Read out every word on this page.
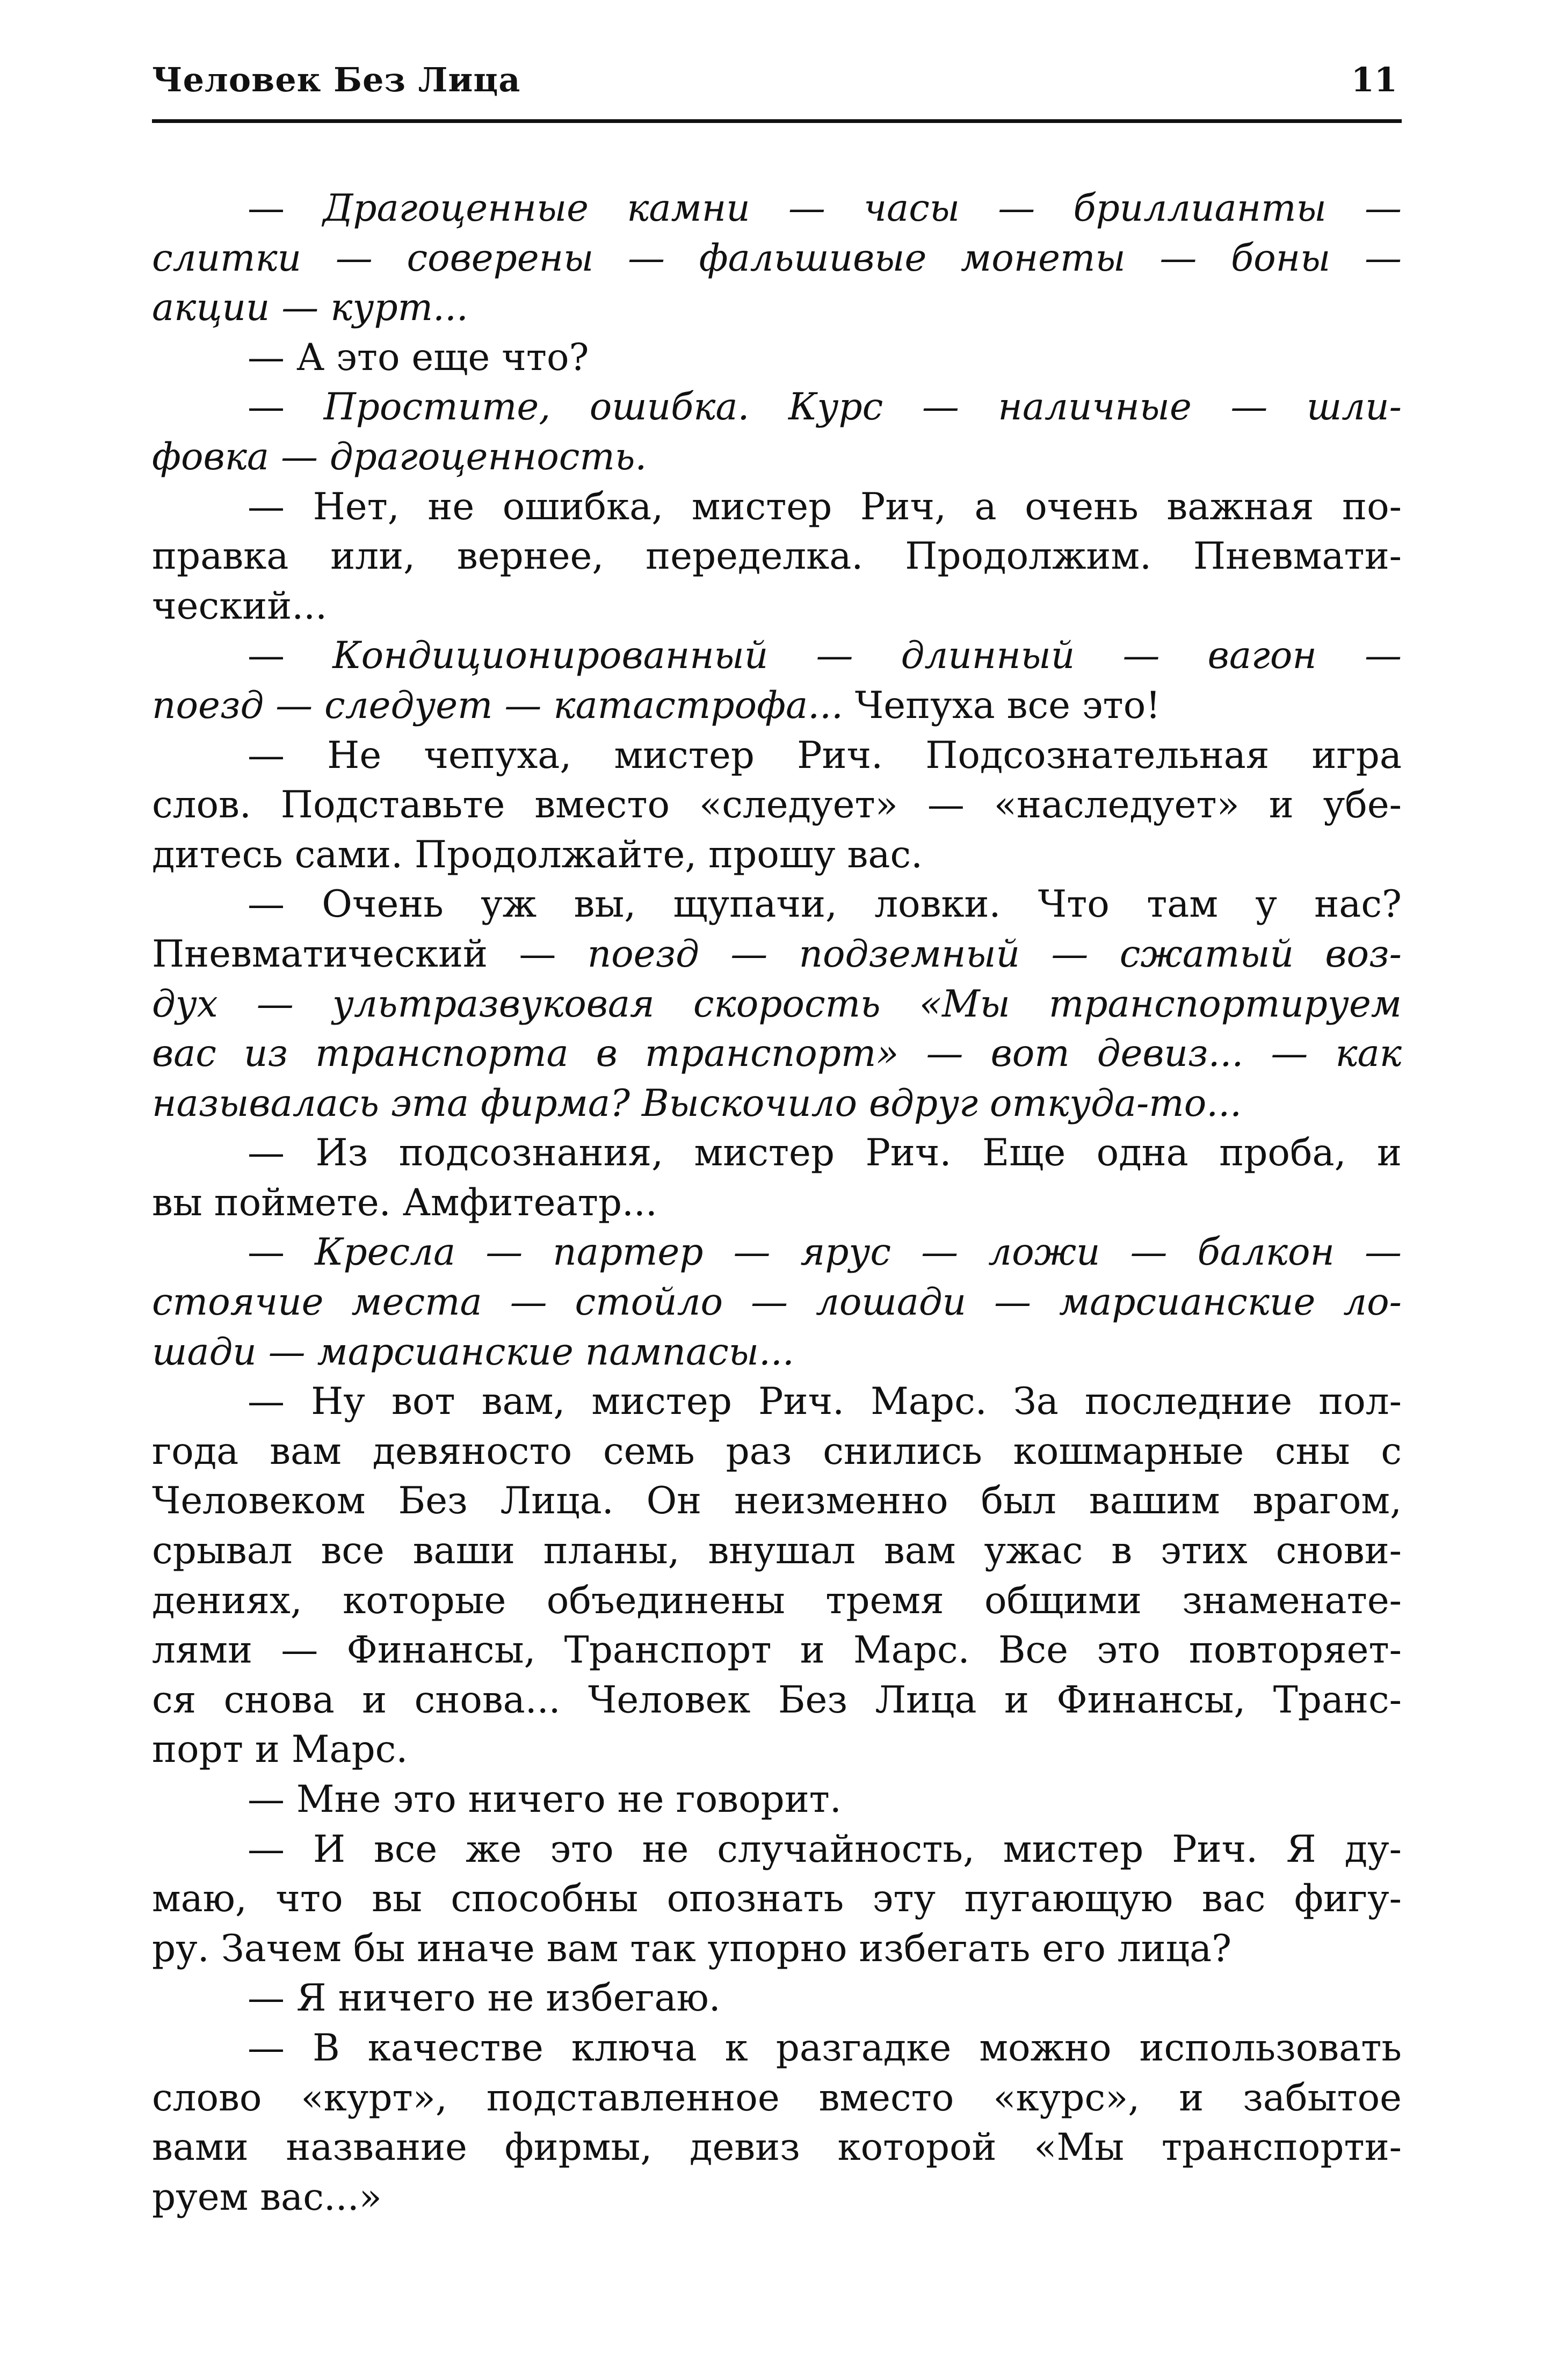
Человек Без Лица	11
— Драгоценные камни — часы — бриллианты —
слитки — соверены — фальшивые монеты — боны —
акции — курт...
— А это еще что?
— Простите, ошибка. Курс — наличные — шли-
фовка — драгоценность.
— Нет, не ошибка, мистер Рич, а очень важная по-
правка или, вернее, переделка. Продолжим. Пневмати-
ческий...
— Кондиционированный — длинный — вагон —
поезд — следует — катастрофа... Чепуха все это!
— Не чепуха, мистер Рич. Подсознательная игра
слов. Подставьте вместо «следует» — «наследует» и убе-
дитесь сами. Продолжайте, прошу вас.
— Очень уж вы, щупачи, ловки. Что там у нас?
Пневматический — поезд — подземный — сжатый воз-
дух — ультразвуковая скорость «Мы транспортируем
вас из транспорта в транспорт» — вот девиз... — как
называлась эта фирма? Выскочило вдруг откуда-то...
— Из подсознания, мистер Рич. Еще одна проба, и
вы поймете. Амфитеатр...
— Кресла — партер — ярус — ложи — балкон —
стоячие места — стойло — лошади — марсианские ло-
шади — марсианские пампасы...
— Ну вот вам, мистер Рич. Марс. За последние пол-
года вам девяносто семь раз снились кошмарные сны с
Человеком Без Лица. Он неизменно был вашим врагом,
срывал все ваши планы, внушал вам ужас в этих снови-
дениях, которые объединены тремя общими знаменате-
лями — Финансы, Транспорт и Марс. Все это повторяет-
ся снова и снова... Человек Без Лица и Финансы, Транс-
порт и Марс.
— Мне это ничего не говорит.
— И все же это не случайность, мистер Рич. Я ду-
маю, что вы способны опознать эту пугающую вас фигу-
ру. Зачем бы иначе вам так упорно избегать его лица?
— Я ничего не избегаю.
— В качестве ключа к разгадке можно использовать
слово «курт», подставленное вместо «курс», и забытое
вами название фирмы, девиз которой «Мы транспорти-
руем вас...»
